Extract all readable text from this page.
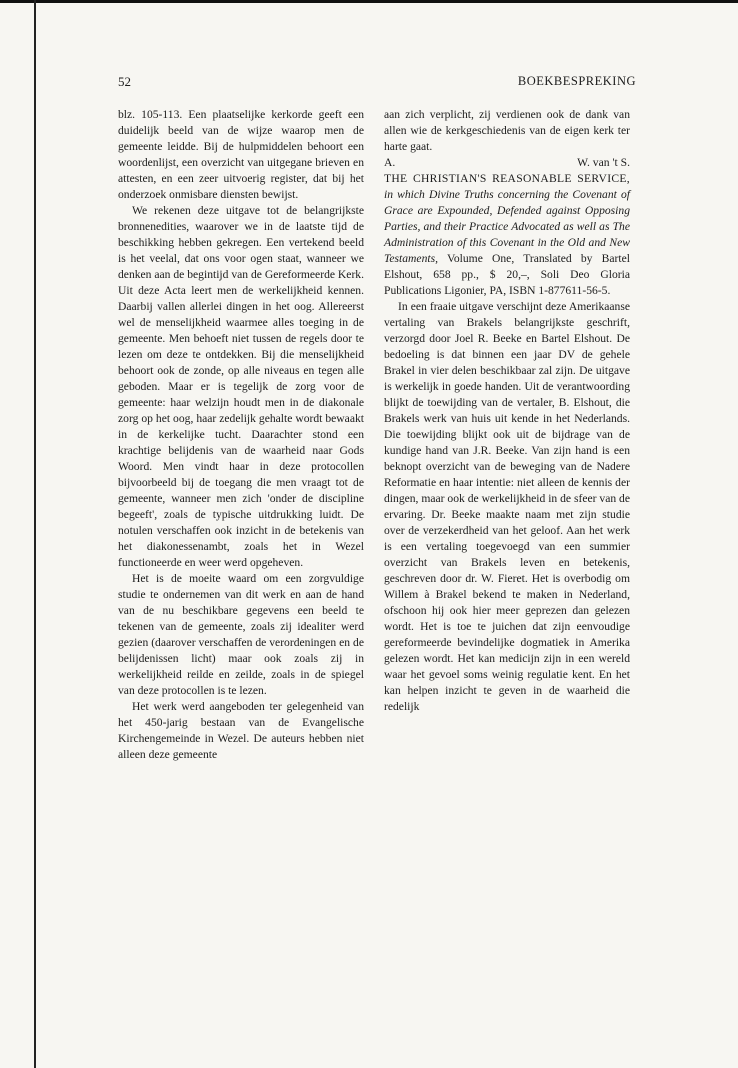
52	BOEKBESPREKING

blz. 105-113. Een plaatselijke kerkorde geeft een duidelijk beeld van de wijze waarop men de gemeente leidde. Bij de hulpmiddelen behoort een woordenlijst, een overzicht van uitgegane brieven en attesten, en een zeer uitvoerig register, dat bij het onderzoek onmisbare diensten bewijst.

We rekenen deze uitgave tot de belangrijkste bronnenedities, waarover we in de laatste tijd de beschikking hebben gekregen. Een vertekend beeld is het veelal, dat ons voor ogen staat, wanneer we denken aan de begintijd van de Gereformeerde Kerk. Uit deze Acta leert men de werkelijkheid kennen. Daarbij vallen allerlei dingen in het oog. Allereerst wel de menselijkheid waarmee alles toeging in de gemeente. Men behoeft niet tussen de regels door te lezen om deze te ontdekken. Bij die menselijkheid behoort ook de zonde, op alle niveaus en tegen alle geboden. Maar er is tegelijk de zorg voor de gemeente: haar welzijn houdt men in de diakonale zorg op het oog, haar zedelijk gehalte wordt bewaakt in de kerkelijke tucht. Daarachter stond een krachtige belijdenis van de waarheid naar Gods Woord. Men vindt haar in deze protocollen bijvoorbeeld bij de toegang die men vraagt tot de gemeente, wanneer men zich 'onder de discipline begeeft', zoals de typische uitdrukking luidt. De notulen verschaffen ook inzicht in de betekenis van het diakonessenambt, zoals het in Wezel functioneerde en weer werd opgeheven.

Het is de moeite waard om een zorgvuldige studie te ondernemen van dit werk en aan de hand van de nu beschikbare gegevens een beeld te tekenen van de gemeente, zoals zij idealiter werd gezien (daarover verschaffen de verordeningen en de belijdenissen licht) maar ook zoals zij in werkelijkheid reilde en zeilde, zoals in de spiegel van deze protocollen is te lezen.

Het werk werd aangeboden ter gelegenheid van het 450-jarig bestaan van de Evangelische Kirchengemeinde in Wezel. De auteurs hebben niet alleen deze gemeente

aan zich verplicht, zij verdienen ook de dank van allen wie de kerkgeschiedenis van de eigen kerk ter harte gaat.

A.	W. van 't S.

THE CHRISTIAN'S REASONABLE SERVICE, in which Divine Truths concerning the Covenant of Grace are Expounded, Defended against Opposing Parties, and their Practice Advocated as well as The Administration of this Covenant in the Old and New Testaments, Volume One, Translated by Bartel Elshout, 658 pp., $ 20,–, Soli Deo Gloria Publications Ligonier, PA, ISBN 1-877611-56-5.

In een fraaie uitgave verschijnt deze Amerikaanse vertaling van Brakels belangrijkste geschrift, verzorgd door Joel R. Beeke en Bartel Elshout. De bedoeling is dat binnen een jaar DV de gehele Brakel in vier delen beschikbaar zal zijn. De uitgave is werkelijk in goede handen. Uit de verantwoording blijkt de toewijding van de vertaler, B. Elshout, die Brakels werk van huis uit kende in het Nederlands. Die toewijding blijkt ook uit de bijdrage van de kundige hand van J.R. Beeke. Van zijn hand is een beknopt overzicht van de beweging van de Nadere Reformatie en haar intentie: niet alleen de kennis der dingen, maar ook de werkelijkheid in de sfeer van de ervaring. Dr. Beeke maakte naam met zijn studie over de verzekerdheid van het geloof. Aan het werk is een vertaling toegevoegd van een summier overzicht van Brakels leven en betekenis, geschreven door dr. W. Fieret. Het is overbodig om Willem à Brakel bekend te maken in Nederland, ofschoon hij ook hier meer geprezen dan gelezen wordt. Het is toe te juichen dat zijn eenvoudige gereformeerde bevindelijke dogmatiek in Amerika gelezen wordt. Het kan medicijn zijn in een wereld waar het gevoel soms weinig regulatie kent. En het kan helpen inzicht te geven in de waarheid die redelijk
